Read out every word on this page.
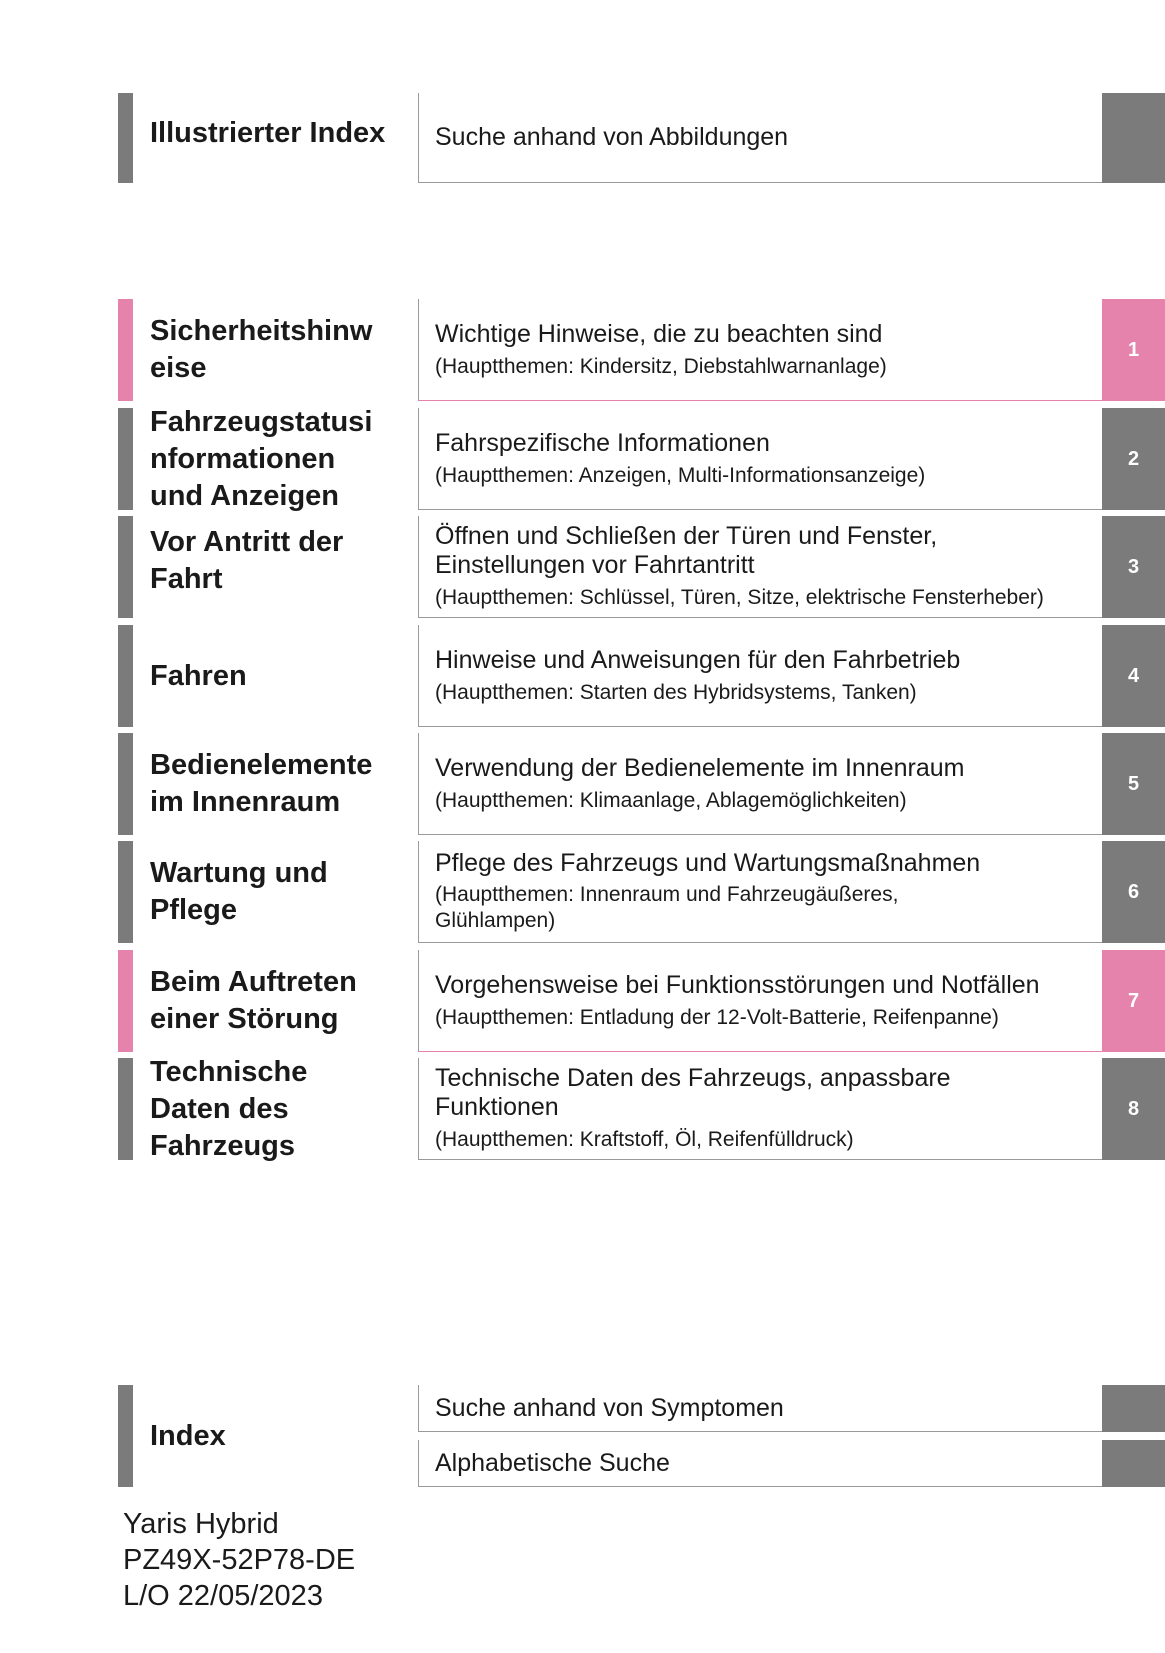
Illustrierter Index	Suche anhand von Abbildungen
Sicherheitshinw
eise
Wichtige Hinweise, die zu beachten sind
(Hauptthemen: Kindersitz, Diebstahlwarnanlage)
1
Fahrzeugstatusi
nformationen
und Anzeigen
Fahrspezifische Informationen
(Hauptthemen: Anzeigen, Multi-Informationsanzeige)
2
Vor Antritt der
Fahrt
Öffnen und Schließen der Türen und Fenster,
Einstellungen vor Fahrtantritt
(Hauptthemen: Schlüssel, Türen, Sitze, elektrische Fensterheber)
3
Fahren	Hinweise und Anweisungen für den Fahrbetrieb
(Hauptthemen: Starten des Hybridsystems, Tanken)
4
Bedienelemente
im Innenraum
Verwendung der Bedienelemente im Innenraum
(Hauptthemen: Klimaanlage, Ablagemöglichkeiten)
5
Wartung und
Pflege
Pflege des Fahrzeugs und Wartungsmaßnahmen
(Hauptthemen: Innenraum und Fahrzeugäußeres,
Glühlampen)
6
Beim Auftreten
einer Störung
Vorgehensweise bei Funktionsstörungen und Notfällen
(Hauptthemen: Entladung der 12-Volt-Batterie, Reifenpanne)
7
Technische
Daten des
Fahrzeugs
Technische Daten des Fahrzeugs, anpassbare
Funktionen
(Hauptthemen: Kraftstoff, Öl, Reifenfülldruck)
8
Index
Suche anhand von Symptomen
Alphabetische Suche
Yaris Hybrid
PZ49X-52P78-DE
L/O 22/05/2023
